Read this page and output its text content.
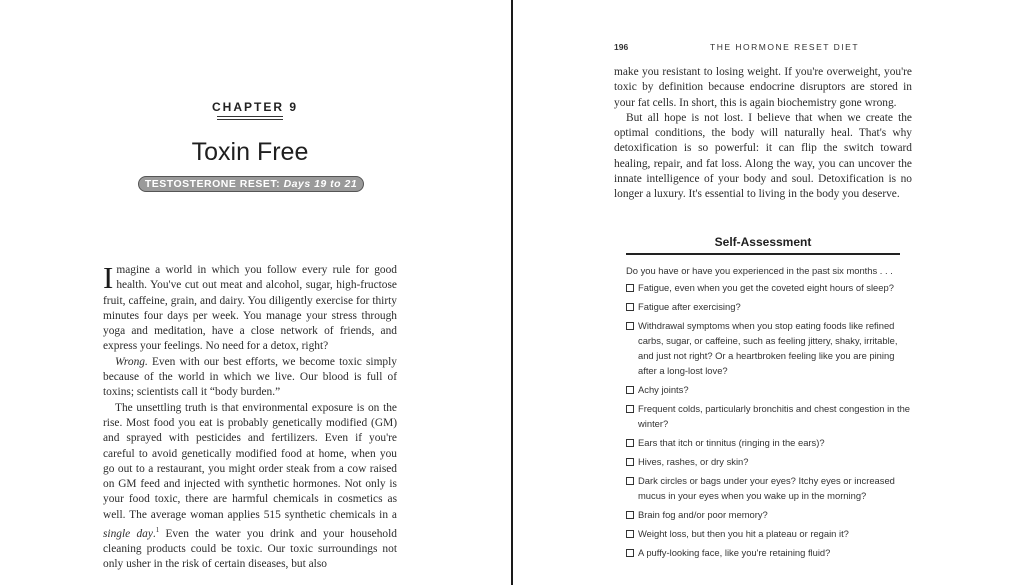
CHAPTER 9
Toxin Free
TESTOSTERONE RESET: Days 19 to 21

Imagine a world in which you follow every rule for good health. You've cut out meat and alcohol, sugar, high-fructose fruit, caffeine, grain, and dairy. You diligently exercise for thirty minutes four days per week. You manage your stress through yoga and meditation, have a close network of friends, and express your feelings. No need for a detox, right?

Wrong. Even with our best efforts, we become toxic simply because of the world in which we live. Our blood is full of toxins; scientists call it “body burden.”

The unsettling truth is that environmental exposure is on the rise. Most food you eat is probably genetically modified (GM) and sprayed with pesticides and fertilizers. Even if you're careful to avoid genetically modified food at home, when you go out to a restaurant, you might order steak from a cow raised on GM feed and injected with synthetic hormones. Not only is your food toxic, there are harmful chemicals in cosmetics as well. The average woman applies 515 synthetic chemicals in a single day.$^1$ Even the water you drink and your household cleaning products could be toxic. Our toxic surroundings not only usher in the risk of certain diseases, but also

196	THE HORMONE RESET DIET

make you resistant to losing weight. If you're overweight, you're toxic by definition because endocrine disruptors are stored in your fat cells. In short, this is again biochemistry gone wrong.

But all hope is not lost. I believe that when we create the optimal conditions, the body will naturally heal. That's why detoxification is so powerful: it can flip the switch toward healing, repair, and fat loss. Along the way, you can uncover the innate intelligence of your body and soul. Detoxification is no longer a luxury. It's essential to living in the body you deserve.

Self-Assessment

Do you have or have you experienced in the past six months . . .

Fatigue, even when you get the coveted eight hours of sleep?
Fatigue after exercising?
Withdrawal symptoms when you stop eating foods like refined carbs, sugar, or caffeine, such as feeling jittery, shaky, irritable, and just not right? Or a heartbroken feeling like you are pining after a long-lost love?
Achy joints?
Frequent colds, particularly bronchitis and chest congestion in the winter?
Ears that itch or tinnitus (ringing in the ears)?
Hives, rashes, or dry skin?
Dark circles or bags under your eyes? Itchy eyes or increased mucus in your eyes when you wake up in the morning?
Brain fog and/or poor memory?
Weight loss, but then you hit a plateau or regain it?
A puffy-looking face, like you're retaining fluid?
